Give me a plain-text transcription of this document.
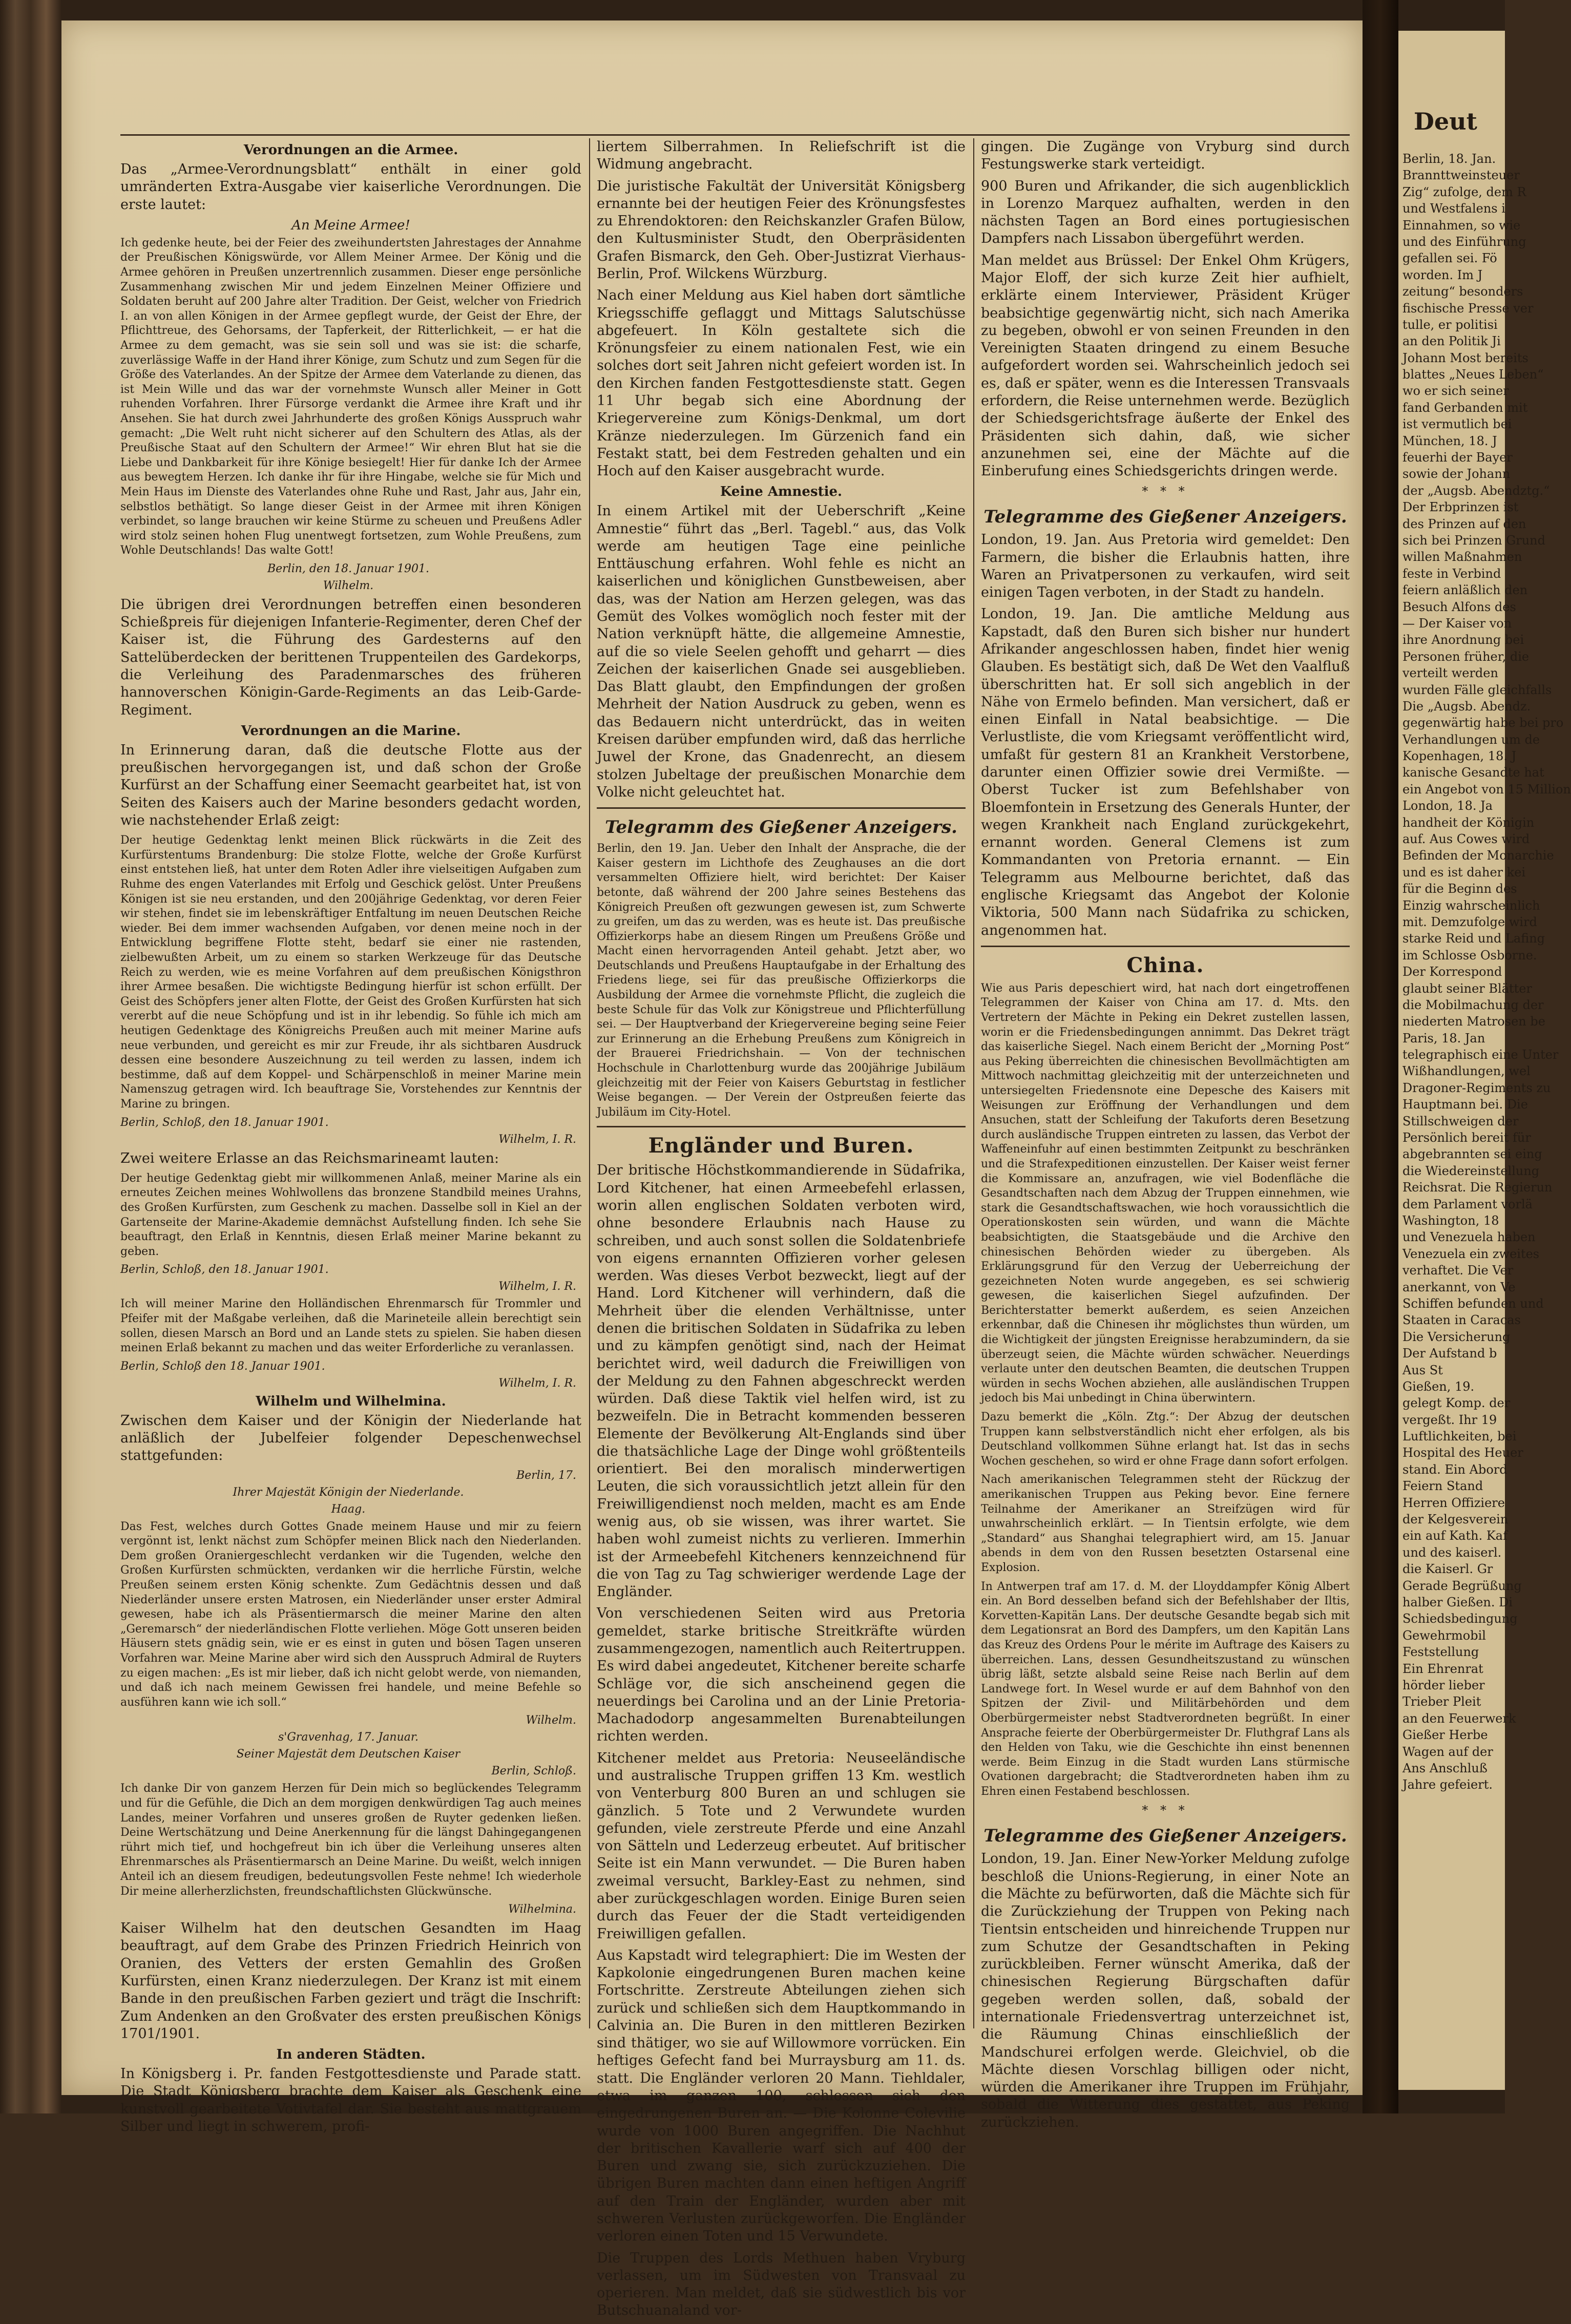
Verordnungen an die Armee.

Das „Armee-Verordnungsblatt“ enthält in einer gold umränderten Extra-Ausgabe vier kaiserliche Verordnungen. Die erste lautet:

An Meine Armee!

Ich gedenke heute, bei der Feier des zweihundertsten Jahrestages der Annahme der Preußischen Königswürde, vor Allem Meiner Armee. Der König und die Armee gehören in Preußen unzertrennlich zusammen. Dieser enge persönliche Zusammenhang zwischen Mir und jedem Einzelnen Meiner Offiziere und Soldaten beruht auf 200 Jahre alter Tradition. Der Geist, welcher von Friedrich I. an von allen Königen in der Armee gepflegt wurde, der Geist der Ehre, der Pflichttreue, des Gehorsams, der Tapferkeit, der Ritterlichkeit, — er hat die Armee zu dem gemacht, was sie sein soll und was sie ist: die scharfe, zuverlässige Waffe in der Hand ihrer Könige, zum Schutz und zum Segen für die Größe des Vaterlandes. An der Spitze der Armee dem Vaterlande zu dienen, das ist Mein Wille und das war der vornehmste Wunsch aller Meiner in Gott ruhenden Vorfahren. Ihrer Fürsorge verdankt die Armee ihre Kraft und ihr Ansehen. Sie hat durch zwei Jahrhunderte des großen Königs Ausspruch wahr gemacht: „Die Welt ruht nicht sicherer auf den Schultern des Atlas, als der Preußische Staat auf den Schultern der Armee!“ Wir ehren Blut hat sie die Liebe und Dankbarkeit für ihre Könige besiegelt! Hier für danke Ich der Armee aus bewegtem Herzen. Ich danke ihr für ihre Hingabe, welche sie für Mich und Mein Haus im Dienste des Vaterlandes ohne Ruhe und Rast, Jahr aus, Jahr ein, selbstlos bethätigt. So lange dieser Geist in der Armee mit ihren Königen verbindet, so lange brauchen wir keine Stürme zu scheuen und Preußens Adler wird stolz seinen hohen Flug unentwegt fortsetzen, zum Wohle Preußens, zum Wohle Deutschlands! Das walte Gott!

Berlin, den 18. Januar 1901.
Wilhelm.

Die übrigen drei Verordnungen betreffen einen besonderen Schießpreis für diejenigen Infanterie-Regimenter, deren Chef der Kaiser ist, die Führung des Gardesterns auf den Sattelüberdecken der berittenen Truppenteilen des Gardekorps, die Verleihung des Paradenmarsches des früheren hannoverschen Königin-Garde-Regiments an das Leib-Garde-Regiment.

Verordnungen an die Marine.

In Erinnerung daran, daß die deutsche Flotte aus der preußischen hervorgegangen ist, und daß schon der Große Kurfürst an der Schaffung einer Seemacht gearbeitet hat, ist von Seiten des Kaisers auch der Marine besonders gedacht worden, wie nachstehender Erlaß zeigt:

Der heutige Gedenktag lenkt meinen Blick rückwärts in die Zeit des Kurfürstentums Brandenburg: Die stolze Flotte, welche der Große Kurfürst einst entstehen ließ, hat unter dem Roten Adler ihre vielseitigen Aufgaben zum Ruhme des engen Vaterlandes mit Erfolg und Geschick gelöst. Unter Preußens Königen ist sie neu erstanden, und den 200jährige Gedenktag, vor deren Feier wir stehen, findet sie im lebenskräftiger Entfaltung im neuen Deutschen Reiche wieder. Bei dem immer wachsenden Aufgaben, vor denen meine noch in der Entwicklung begriffene Flotte steht, bedarf sie einer nie rastenden, zielbewußten Arbeit, um zu einem so starken Werkzeuge für das Deutsche Reich zu werden, wie es meine Vorfahren auf dem preußischen Königsthron ihrer Armee besaßen. Die wichtigste Bedingung hierfür ist schon erfüllt. Der Geist des Schöpfers jener alten Flotte, der Geist des Großen Kurfürsten hat sich vererbt auf die neue Schöpfung und ist in ihr lebendig. So fühle ich mich am heutigen Gedenktage des Königreichs Preußen auch mit meiner Marine aufs neue verbunden, und gereicht es mir zur Freude, ihr als sichtbaren Ausdruck dessen eine besondere Auszeichnung zu teil werden zu lassen, indem ich bestimme, daß auf dem Koppel- und Schärpenschloß in meiner Marine mein Namenszug getragen wird. Ich beauftrage Sie, Vorstehendes zur Kenntnis der Marine zu bringen.

Berlin, Schloß, den 18. Januar 1901.
Wilhelm, I. R.

Zwei weitere Erlasse an das Reichsmarineamt lauten:

Der heutige Gedenktag giebt mir willkommenen Anlaß, meiner Marine als ein erneutes Zeichen meines Wohlwollens das bronzene Standbild meines Urahns, des Großen Kurfürsten, zum Geschenk zu machen. Dasselbe soll in Kiel an der Gartenseite der Marine-Akademie demnächst Aufstellung finden. Ich sehe Sie beauftragt, den Erlaß in Kenntnis, diesen Erlaß meiner Marine bekannt zu geben.

Berlin, Schloß, den 18. Januar 1901.
Wilhelm, I. R.

Ich will meiner Marine den Holländischen Ehrenmarsch für Trommler und Pfeifer mit der Maßgabe verleihen, daß die Marineteile allein berechtigt sein sollen, diesen Marsch an Bord und an Lande stets zu spielen. Sie haben diesen meinen Erlaß bekannt zu machen und das weiter Erforderliche zu veranlassen.

Berlin, Schloß den 18. Januar 1901.
Wilhelm, I. R.
Wilhelm und Wilhelmina.

Zwischen dem Kaiser und der Königin der Niederlande hat anläßlich der Jubelfeier folgender Depeschenwechsel stattgefunden:

Berlin, 17.
Ihrer Majestät Königin der Niederlande.
Haag.

Das Fest, welches durch Gottes Gnade meinem Hause und mir zu feiern vergönnt ist, lenkt nächst zum Schöpfer meinen Blick nach den Niederlanden. Dem großen Oraniergeschlecht verdanken wir die Tugenden, welche den Großen Kurfürsten schmückten, verdanken wir die herrliche Fürstin, welche Preußen seinem ersten König schenkte. Zum Gedächtnis dessen und daß Niederländer unsere ersten Matrosen, ein Niederländer unser erster Admiral gewesen, habe ich als Präsentiermarsch die meiner Marine den alten „Geremarsch“ der niederländischen Flotte verliehen. Möge Gott unseren beiden Häusern stets gnädig sein, wie er es einst in guten und bösen Tagen unseren Vorfahren war. Meine Marine aber wird sich den Ausspruch Admiral de Ruyters zu eigen machen: „Es ist mir lieber, daß ich nicht gelobt werde, von niemanden, und daß ich nach meinem Gewissen frei handele, und meine Befehle so ausführen kann wie ich soll.“

Wilhelm.
s'Gravenhag, 17. Januar.
Seiner Majestät dem Deutschen Kaiser
Berlin, Schloß.

Ich danke Dir von ganzem Herzen für Dein mich so beglückendes Telegramm und für die Gefühle, die Dich an dem morgigen denkwürdigen Tag auch meines Landes, meiner Vorfahren und unseres großen de Ruyter gedenken ließen. Deine Wertschätzung und Deine Anerkennung für die längst Dahingegangenen rührt mich tief, und hochgefreut bin ich über die Verleihung unseres alten Ehrenmarsches als Präsentiermarsch an Deine Marine. Du weißt, welch innigen Anteil ich an diesem freudigen, bedeutungsvollen Feste nehme! Ich wiederhole Dir meine allerherzlichsten, freundschaftlichsten Glückwünsche.

Wilhelmina.

Kaiser Wilhelm hat den deutschen Gesandten im Haag beauftragt, auf dem Grabe des Prinzen Friedrich Heinrich von Oranien, des Vetters der ersten Gemahlin des Großen Kurfürsten, einen Kranz niederzulegen. Der Kranz ist mit einem Bande in den preußischen Farben geziert und trägt die Inschrift: Zum Andenken an den Großvater des ersten preußischen Königs 1701/1901.

In anderen Städten.

In Königsberg i. Pr. fanden Festgottesdienste und Parade statt. Die Stadt Königsberg brachte dem Kaiser als Geschenk eine kunstvoll gearbeitete Votivtafel dar. Sie besteht aus mattgrauem Silber und liegt in schwerem, profi-

liertem Silberrahmen. In Reliefschrift ist die Widmung angebracht.

Die juristische Fakultät der Universität Königsberg ernannte bei der heutigen Feier des Krönungsfestes zu Ehrendoktoren: den Reichskanzler Grafen Bülow, den Kultusminister Studt, den Oberpräsidenten Grafen Bismarck, den Geh. Ober-Justizrat Vierhaus-Berlin, Prof. Wilckens Würzburg.

Nach einer Meldung aus Kiel haben dort sämtliche Kriegsschiffe geflaggt und Mittags Salutschüsse abgefeuert. In Köln gestaltete sich die Krönungsfeier zu einem nationalen Fest, wie ein solches dort seit Jahren nicht gefeiert worden ist. In den Kirchen fanden Festgottesdienste statt. Gegen 11 Uhr begab sich eine Abordnung der Kriegervereine zum Königs-Denkmal, um dort Kränze niederzulegen. Im Gürzenich fand ein Festakt statt, bei dem Festreden gehalten und ein Hoch auf den Kaiser ausgebracht wurde.

Keine Amnestie.

In einem Artikel mit der Ueberschrift „Keine Amnestie“ führt das „Berl. Tagebl.“ aus, das Volk werde am heutigen Tage eine peinliche Enttäuschung erfahren. Wohl fehle es nicht an kaiserlichen und königlichen Gunstbeweisen, aber das, was der Nation am Herzen gelegen, was das Gemüt des Volkes womöglich noch fester mit der Nation verknüpft hätte, die allgemeine Amnestie, auf die so viele Seelen gehofft und geharrt — dies Zeichen der kaiserlichen Gnade sei ausgeblieben. Das Blatt glaubt, den Empfindungen der großen Mehrheit der Nation Ausdruck zu geben, wenn es das Bedauern nicht unterdrückt, das in weiten Kreisen darüber empfunden wird, daß das herrliche Juwel der Krone, das Gnadenrecht, an diesem stolzen Jubeltage der preußischen Monarchie dem Volke nicht geleuchtet hat.

Telegramm des Gießener Anzeigers.

Berlin, den 19. Jan. Ueber den Inhalt der Ansprache, die der Kaiser gestern im Lichthofe des Zeughauses an die dort versammelten Offiziere hielt, wird berichtet: Der Kaiser betonte, daß während der 200 Jahre seines Bestehens das Königreich Preußen oft gezwungen gewesen ist, zum Schwerte zu greifen, um das zu werden, was es heute ist. Das preußische Offizierkorps habe an diesem Ringen um Preußens Größe und Macht einen hervorragenden Anteil gehabt. Jetzt aber, wo Deutschlands und Preußens Hauptaufgabe in der Erhaltung des Friedens liege, sei für das preußische Offizierkorps die Ausbildung der Armee die vornehmste Pflicht, die zugleich die beste Schule für das Volk zur Königstreue und Pflichterfüllung sei. — Der Hauptverband der Kriegervereine beging seine Feier zur Erinnerung an die Erhebung Preußens zum Königreich in der Brauerei Friedrichshain. — Von der technischen Hochschule in Charlottenburg wurde das 200jährige Jubiläum gleichzeitig mit der Feier von Kaisers Geburtstag in festlicher Weise begangen. — Der Verein der Ostpreußen feierte das Jubiläum im City-Hotel.

Engländer und Buren.

Der britische Höchstkommandierende in Südafrika, Lord Kitchener, hat einen Armeebefehl erlassen, worin allen englischen Soldaten verboten wird, ohne besondere Erlaubnis nach Hause zu schreiben, und auch sonst sollen die Soldatenbriefe von eigens ernannten Offizieren vorher gelesen werden. Was dieses Verbot bezweckt, liegt auf der Hand. Lord Kitchener will verhindern, daß die Mehrheit über die elenden Verhältnisse, unter denen die britischen Soldaten in Südafrika zu leben und zu kämpfen genötigt sind, nach der Heimat berichtet wird, weil dadurch die Freiwilligen von der Meldung zu den Fahnen abgeschreckt werden würden. Daß diese Taktik viel helfen wird, ist zu bezweifeln. Die in Betracht kommenden besseren Elemente der Bevölkerung Alt-Englands sind über die thatsächliche Lage der Dinge wohl größtenteils orientiert. Bei den moralisch minderwertigen Leuten, die sich voraussichtlich jetzt allein für den Freiwilligendienst noch melden, macht es am Ende wenig aus, ob sie wissen, was ihrer wartet. Sie haben wohl zumeist nichts zu verlieren. Immerhin ist der Armeebefehl Kitcheners kennzeichnend für die von Tag zu Tag schwieriger werdende Lage der Engländer.

Von verschiedenen Seiten wird aus Pretoria gemeldet, starke britische Streitkräfte würden zusammengezogen, namentlich auch Reitertruppen. Es wird dabei angedeutet, Kitchener bereite scharfe Schläge vor, die sich anscheinend gegen die neuerdings bei Carolina und an der Linie Pretoria-Machadodorp angesammelten Burenabteilungen richten werden.

Kitchener meldet aus Pretoria: Neuseeländische und australische Truppen griffen 13 Km. westlich von Venterburg 800 Buren an und schlugen sie gänzlich. 5 Tote und 2 Verwundete wurden gefunden, viele zerstreute Pferde und eine Anzahl von Sätteln und Lederzeug erbeutet. Auf britischer Seite ist ein Mann verwundet. — Die Buren haben zweimal versucht, Barkley-East zu nehmen, sind aber zurückgeschlagen worden. Einige Buren seien durch das Feuer der die Stadt verteidigenden Freiwilligen gefallen.

Aus Kapstadt wird telegraphiert: Die im Westen der Kapkolonie eingedrungenen Buren machen keine Fortschritte. Zerstreute Abteilungen ziehen sich zurück und schließen sich dem Hauptkommando in Calvinia an. Die Buren in den mittleren Bezirken sind thätiger, wo sie auf Willowmore vorrücken. Ein heftiges Gefecht fand bei Murraysburg am 11. ds. statt. Die Engländer verloren 20 Mann. Tiehldaler, etwa im ganzen 100, schlossen sich den eingedrungenen Buren an. — Die Kolonne Colevilie wurde von 1000 Buren angegriffen. Die Nachhut der britischen Kavallerie warf sich auf 400 der Buren und zwang sie, sich zurückzuziehen. Die übrigen Buren machten dann einen heftigen Angriff auf den Train der Engländer, wurden aber mit schweren Verlusten zurückgeworfen. Die Engländer verloren einen Toten und 15 Verwundete.

Die Truppen des Lords Methuen haben Vryburg verlassen, um im Südwesten von Transvaal zu operieren. Man meldet, daß sie südwestlich bis vor Butschuanaland vor-

gingen. Die Zugänge von Vryburg sind durch Festungswerke stark verteidigt.

900 Buren und Afrikander, die sich augenblicklich in Lorenzo Marquez aufhalten, werden in den nächsten Tagen an Bord eines portugiesischen Dampfers nach Lissabon übergeführt werden.

Man meldet aus Brüssel: Der Enkel Ohm Krügers, Major Eloff, der sich kurze Zeit hier aufhielt, erklärte einem Interviewer, Präsident Krüger beabsichtige gegenwärtig nicht, sich nach Amerika zu begeben, obwohl er von seinen Freunden in den Vereinigten Staaten dringend zu einem Besuche aufgefordert worden sei. Wahrscheinlich jedoch sei es, daß er später, wenn es die Interessen Transvaals erfordern, die Reise unternehmen werde. Bezüglich der Schiedsgerichtsfrage äußerte der Enkel des Präsidenten sich dahin, daß, wie sicher anzunehmen sei, eine der Mächte auf die Einberufung eines Schiedsgerichts dringen werde.

* * *
Telegramme des Gießener Anzeigers.

London, 19. Jan. Aus Pretoria wird gemeldet: Den Farmern, die bisher die Erlaubnis hatten, ihre Waren an Privatpersonen zu verkaufen, wird seit einigen Tagen verboten, in der Stadt zu handeln.

London, 19. Jan. Die amtliche Meldung aus Kapstadt, daß den Buren sich bisher nur hundert Afrikander angeschlossen haben, findet hier wenig Glauben. Es bestätigt sich, daß De Wet den Vaalfluß überschritten hat. Er soll sich angeblich in der Nähe von Ermelo befinden. Man versichert, daß er einen Einfall in Natal beabsichtige. — Die Verlustliste, die vom Kriegsamt veröffentlicht wird, umfaßt für gestern 81 an Krankheit Verstorbene, darunter einen Offizier sowie drei Vermißte. — Oberst Tucker ist zum Befehlshaber von Bloemfontein in Ersetzung des Generals Hunter, der wegen Krankheit nach England zurückgekehrt, ernannt worden. General Clemens ist zum Kommandanten von Pretoria ernannt. — Ein Telegramm aus Melbourne berichtet, daß das englische Kriegsamt das Angebot der Kolonie Viktoria, 500 Mann nach Südafrika zu schicken, angenommen hat.

China.

Wie aus Paris depeschiert wird, hat nach dort eingetroffenen Telegrammen der Kaiser von China am 17. d. Mts. den Vertretern der Mächte in Peking ein Dekret zustellen lassen, worin er die Friedensbedingungen annimmt. Das Dekret trägt das kaiserliche Siegel. Nach einem Bericht der „Morning Post“ aus Peking überreichten die chinesischen Bevollmächtigten am Mittwoch nachmittag gleichzeitig mit der unterzeichneten und untersiegelten Friedensnote eine Depesche des Kaisers mit Weisungen zur Eröffnung der Verhandlungen und dem Ansuchen, statt der Schleifung der Takuforts deren Besetzung durch ausländische Truppen eintreten zu lassen, das Verbot der Waffeneinfuhr auf einen bestimmten Zeitpunkt zu beschränken und die Strafexpeditionen einzustellen. Der Kaiser weist ferner die Kommissare an, anzufragen, wie viel Bodenfläche die Gesandtschaften nach dem Abzug der Truppen einnehmen, wie stark die Gesandtschaftswachen, wie hoch voraussichtlich die Operationskosten sein würden, und wann die Mächte beabsichtigten, die Staatsgebäude und die Archive den chinesischen Behörden wieder zu übergeben. Als Erklärungsgrund für den Verzug der Ueberreichung der gezeichneten Noten wurde angegeben, es sei schwierig gewesen, die kaiserlichen Siegel aufzufinden. Der Berichterstatter bemerkt außerdem, es seien Anzeichen erkennbar, daß die Chinesen ihr möglichstes thun würden, um die Wichtigkeit der jüngsten Ereignisse herabzumindern, da sie überzeugt seien, die Mächte würden schwächer. Neuerdings verlaute unter den deutschen Beamten, die deutschen Truppen würden in sechs Wochen abziehen, alle ausländischen Truppen jedoch bis Mai unbedingt in China überwintern.

Dazu bemerkt die „Köln. Ztg.“: Der Abzug der deutschen Truppen kann selbstverständlich nicht eher erfolgen, als bis Deutschland vollkommen Sühne erlangt hat. Ist das in sechs Wochen geschehen, so wird er ohne Frage dann sofort erfolgen.

Nach amerikanischen Telegrammen steht der Rückzug der amerikanischen Truppen aus Peking bevor. Eine fernere Teilnahme der Amerikaner an Streifzügen wird für unwahrscheinlich erklärt. — In Tientsin erfolgte, wie dem „Standard“ aus Shanghai telegraphiert wird, am 15. Januar abends in dem von den Russen besetzten Ostarsenal eine Explosion.

In Antwerpen traf am 17. d. M. der Lloyddampfer König Albert ein. An Bord desselben befand sich der Befehlshaber der Iltis, Korvetten-Kapitän Lans. Der deutsche Gesandte begab sich mit dem Legationsrat an Bord des Dampfers, um den Kapitän Lans das Kreuz des Ordens Pour le mérite im Auftrage des Kaisers zu überreichen. Lans, dessen Gesundheitszustand zu wünschen übrig läßt, setzte alsbald seine Reise nach Berlin auf dem Landwege fort. In Wesel wurde er auf dem Bahnhof von den Spitzen der Zivil- und Militärbehörden und dem Oberbürgermeister nebst Stadtverordneten begrüßt. In einer Ansprache feierte der Oberbürgermeister Dr. Fluthgraf Lans als den Helden von Taku, wie die Geschichte ihn einst benennen werde. Beim Einzug in die Stadt wurden Lans stürmische Ovationen dargebracht; die Stadtverordneten haben ihm zu Ehren einen Festabend beschlossen.

* * *
Telegramme des Gießener Anzeigers.

London, 19. Jan. Einer New-Yorker Meldung zufolge beschloß die Unions-Regierung, in einer Note an die Mächte zu befürworten, daß die Mächte sich für die Zurückziehung der Truppen von Peking nach Tientsin entscheiden und hinreichende Truppen nur zum Schutze der Gesandtschaften in Peking zurückbleiben. Ferner wünscht Amerika, daß der chinesischen Regierung Bürgschaften dafür gegeben werden sollen, daß, sobald der internationale Friedensvertrag unterzeichnet ist, die Räumung Chinas einschließlich der Mandschurei erfolgen werde. Gleichviel, ob die Mächte diesen Vorschlag billigen oder nicht, würden die Amerikaner ihre Truppen im Frühjahr, sobald die Witterung dies gestattet, aus Peking zurückziehen.

Deut
Berlin, 18. Jan.
Brannttweinsteuer
Zig“ zufolge, dem R
und Westfalens i
Einnahmen, so wie
und des Einführung
gefallen sei. Fö
worden. Im J
zeitung“ besonders
fischische Presse ver
tulle, er politisi
an den Politik Ji
Johann Most bereits
blattes „Neues Leben“
wo er sich seiner
fand Gerbanden mit
ist vermutlich bei
München, 18. J
feuerhi der Bayer
sowie der Johann
der „Augsb. Abendztg.“
Der Erbprinzen ist
des Prinzen auf den
sich bei Prinzen Grund
willen Maßnahmen
feste in Verbind
feiern anläßlich den
Besuch Alfons des
— Der Kaiser von
ihre Anordnung bei
Personen früher, die
verteilt werden
wurden Fälle gleichfalls
Die „Augsb. Abendz.
gegenwärtig habe bei pro
Verhandlungen um de
Kopenhagen, 18. J
kanische Gesandte hat
ein Angebot von 15 Million
London, 18. Ja
handheit der Königin
auf. Aus Cowes wird
Befinden der Monarchie
und es ist daher kei
für die Beginn des
Einzig wahrscheinlich
mit. Demzufolge wird
starke Reid und Lafing
im Schlosse Osborne.
Der Korrespond
glaubt seiner Blätter
die Mobilmachung der
niederten Matrosen be
Paris, 18. Jan
telegraphisch eine Unter
Wißhandlungen, wel
Dragoner-Regiments zu
Hauptmann bei. Die
Stillschweigen der
Persönlich bereit für
abgebrannten sei eing
die Wiedereinstellung
Reichsrat. Die Regierun
dem Parlament vorlä
Washington, 18
und Venezuela haben
Venezuela ein zweites
verhaftet. Die Ver
anerkannt, von Ve
Schiffen befunden und
Staaten in Caracas
Die Versicherung
Der Aufstand b
Aus St
Gießen, 19.
gelegt Komp. der
vergeßt. Ihr 19
Luftlichkeiten, bei
Hospital des Heuer
stand. Ein Abord
Feiern Stand
Herren Offiziere
der Kelgesverein
ein auf Kath. Kaf
und des kaiserl.
die Kaiserl. Gr
Gerade Begrüßung
halber Gießen. Di
Schiedsbedingung
Gewehrmobil
Feststellung
Ein Ehrenrat
hörder lieber
Trieber Pleit
an den Feuerwerk
Gießer Herbe
Wagen auf der
Ans Anschluß
Jahre gefeiert.
